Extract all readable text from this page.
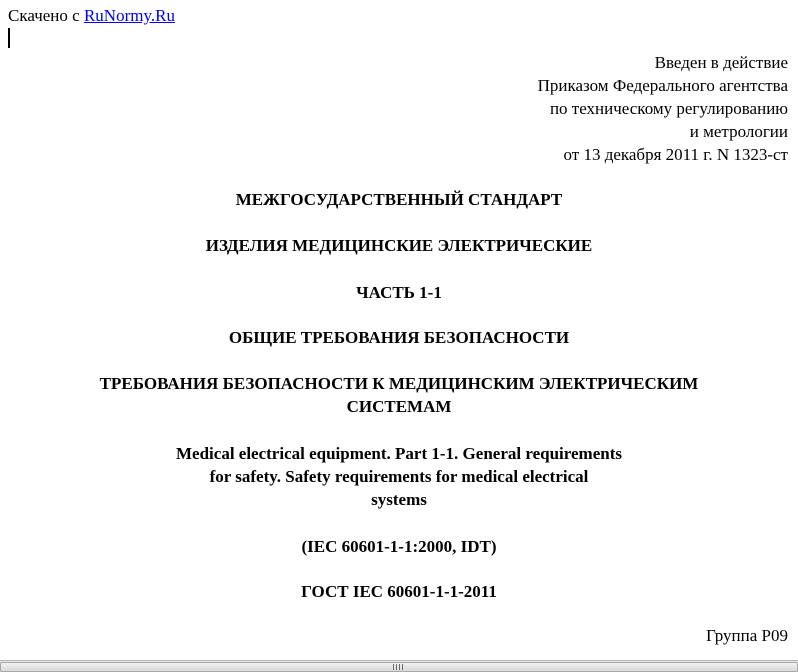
Скачено с RuNormy.Ru
Введен в действие
Приказом Федерального агентства
по техническому регулированию
и метрологии
от 13 декабря 2011 г. N 1323-ст
МЕЖГОСУДАРСТВЕННЫЙ СТАНДАРТ
ИЗДЕЛИЯ МЕДИЦИНСКИЕ ЭЛЕКТРИЧЕСКИЕ
ЧАСТЬ 1-1
ОБЩИЕ ТРЕБОВАНИЯ БЕЗОПАСНОСТИ
ТРЕБОВАНИЯ БЕЗОПАСНОСТИ К МЕДИЦИНСКИМ ЭЛЕКТРИЧЕСКИМ
СИСТЕМАМ
Medical electrical equipment. Part 1-1. General requirements
for safety. Safety requirements for medical electrical
systems
(IEC 60601-1-1:2000, IDT)
ГОСТ IEC 60601-1-1-2011
Группа Р09
